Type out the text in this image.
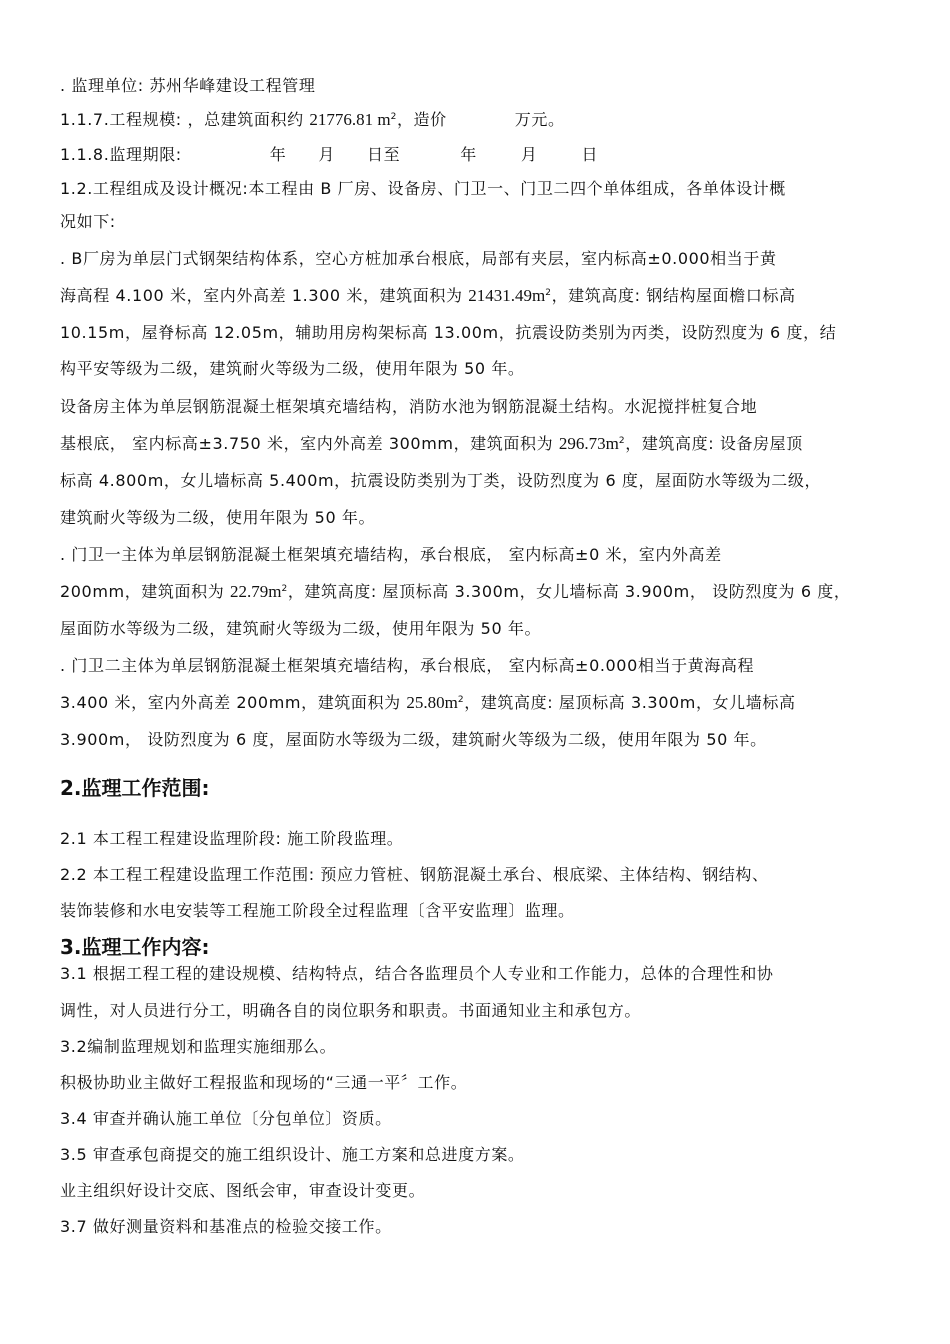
. 监理单位: 苏州华峰建设工程管理
1.1.7.工程规模: ，总建筑面积约 21776.81 $m^2$，造价	万元。
1.1.8.监理期限:	年 月 日至	年	月	日
1.2.工程组成及设计概况:本工程由 B 厂房、设备房、门卫一、门卫二四个单体组成，各单体设计概
况如下:
. B厂房为单层门式钢架结构体系，空心方桩加承台根底，局部有夹层，室内标高±0.000相当于黄
海高程 4.100 米，室内外高差 1.300 米，建筑面积为 $21431.49m^2$，建筑高度: 钢结构屋面檐口标高
10.15m，屋脊标高 12.05m，辅助用房构架标高 13.00m，抗震设防类别为丙类，设防烈度为 6 度，结
构平安等级为二级，建筑耐火等级为二级，使用年限为 50 年。
设备房主体为单层钢筋混凝土框架填充墙结构，消防水池为钢筋混凝土结构。水泥搅拌桩复合地
基根底， 室内标高±3.750 米，室内外高差 300mm，建筑面积为 $296.73m^2$，建筑高度: 设备房屋顶
标高 4.800m，女儿墙标高 5.400m，抗震设防类别为丁类，设防烈度为 6 度，屋面防水等级为二级，
建筑耐火等级为二级，使用年限为 50 年。
. 门卫一主体为单层钢筋混凝土框架填充墙结构，承台根底， 室内标高±0 米，室内外高差
200mm，建筑面积为 $22.79m^2$，建筑高度: 屋顶标高 3.300m，女儿墙标高 3.900m， 设防烈度为 6 度，
屋面防水等级为二级，建筑耐火等级为二级，使用年限为 50 年。
. 门卫二主体为单层钢筋混凝土框架填充墙结构，承台根底， 室内标高±0.000相当于黄海高程
3.400 米，室内外高差 200mm，建筑面积为 $25.80m^2$，建筑高度: 屋顶标高 3.300m，女儿墙标高
3.900m， 设防烈度为 6 度，屋面防水等级为二级，建筑耐火等级为二级，使用年限为 50 年。
2.监理工作范围:
2.1 本工程工程建设监理阶段: 施工阶段监理。
2.2 本工程工程建设监理工作范围: 预应力管桩、钢筋混凝土承台、根底梁、主体结构、钢结构、
装饰装修和水电安装等工程施工阶段全过程监理〔含平安监理〕监理。
3.监理工作内容:
3.1 根据工程工程的建设规模、结构特点，结合各监理员个人专业和工作能力，总体的合理性和协
调性，对人员进行分工，明确各自的岗位职务和职责。书面通知业主和承包方。
3.2编制监理规划和监理实施细那么。
积极协助业主做好工程报监和现场的“三通一平〞工作。
3.4 审查并确认施工单位〔分包单位〕资质。
3.5 审查承包商提交的施工组织设计、施工方案和总进度方案。
业主组织好设计交底、图纸会审，审查设计变更。
3.7 做好测量资料和基准点的检验交接工作。
